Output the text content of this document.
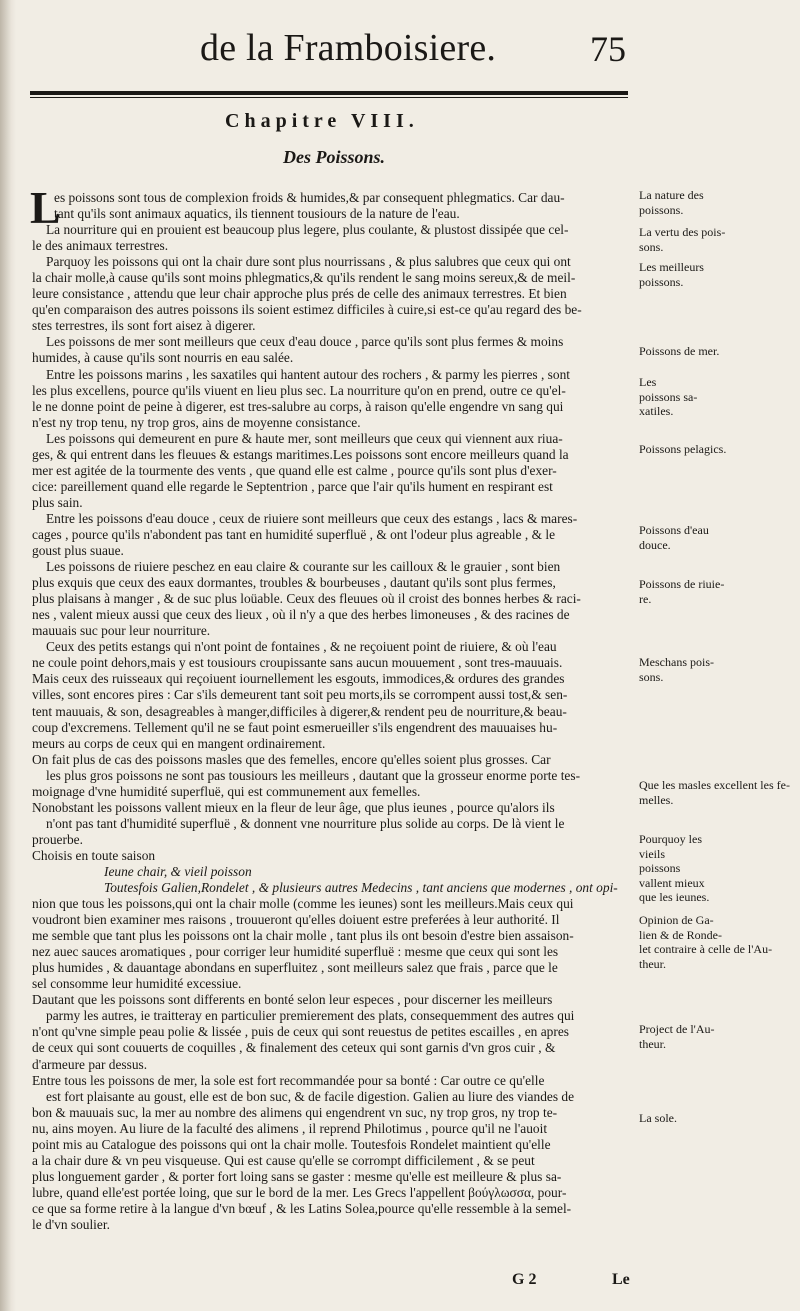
de la Framboisiere.	75
Chapitre VIII.
Des Poissons.
L
es poissons sont tous de complexion froids & humides,& par consequent phlegmatics. Car dau-
tant qu'ils sont animaux aquatics, ils tiennent tousiours de la nature de l'eau.
La nourriture qui en prouient est beaucoup plus legere, plus coulante, & plustost dissipée que cel-
le des animaux terrestres.
Parquoy les poissons qui ont la chair dure sont plus nourrissans , & plus salubres que ceux qui ont
la chair molle,à cause qu'ils sont moins phlegmatics,& qu'ils rendent le sang moins sereux,& de meil-
leure consistance , attendu que leur chair approche plus prés de celle des animaux terrestres. Et bien
qu'en comparaison des autres poissons ils soient estimez difficiles à cuire,si est-ce qu'au regard des be-
stes terrestres, ils sont fort aisez à digerer.
Les poissons de mer sont meilleurs que ceux d'eau douce , parce qu'ils sont plus fermes & moins
humides, à cause qu'ils sont nourris en eau salée.
Entre les poissons marins , les saxatiles qui hantent autour des rochers , & parmy les pierres , sont
les plus excellens, pource qu'ils viuent en lieu plus sec. La nourriture qu'on en prend, outre ce qu'el-
le ne donne point de peine à digerer, est tres-salubre au corps, à raison qu'elle engendre vn sang qui
n'est ny trop tenu, ny trop gros, ains de moyenne consistance.
Les poissons qui demeurent en pure & haute mer, sont meilleurs que ceux qui viennent aux riua-
ges, & qui entrent dans les fleuues & estangs maritimes.Les poissons sont encore meilleurs quand la
mer est agitée de la tourmente des vents , que quand elle est calme , pource qu'ils sont plus d'exer-
cice: pareillement quand elle regarde le Septentrion , parce que l'air qu'ils hument en respirant est
plus sain.
Entre les poissons d'eau douce , ceux de riuiere sont meilleurs que ceux des estangs , lacs & mares-
cages , pource qu'ils n'abondent pas tant en humidité superfluë , & ont l'odeur plus agreable , & le
goust plus suaue.
Les poissons de riuiere peschez en eau claire & courante sur les cailloux & le grauier , sont bien
plus exquis que ceux des eaux dormantes, troubles & bourbeuses , dautant qu'ils sont plus fermes,
plus plaisans à manger , & de suc plus loüable. Ceux des fleuues où il croist des bonnes herbes & raci-
nes , valent mieux aussi que ceux des lieux , où il n'y a que des herbes limoneuses , & des racines de
mauuais suc pour leur nourriture.
Ceux des petits estangs qui n'ont point de fontaines , & ne reçoiuent point de riuiere, & où l'eau
ne coule point dehors,mais y est tousiours croupissante sans aucun mouuement , sont tres-mauuais.
Mais ceux des ruisseaux qui reçoiuent iournellement les esgouts, immodices,& ordures des grandes
villes, sont encores pires : Car s'ils demeurent tant soit peu morts,ils se corrompent aussi tost,& sen-
tent mauuais, & son, desagreables à manger,difficiles à digerer,& rendent peu de nourriture,& beau-
coup d'excremens. Tellement qu'il ne se faut point esmerueiller s'ils engendrent des mauuaises hu-
meurs au corps de ceux qui en mangent ordinairement.
On fait plus de cas des poissons masles que des femelles, encore qu'elles soient plus grosses. Car
les plus gros poissons ne sont pas tousiours les meilleurs , dautant que la grosseur enorme porte tes-
moignage d'vne humidité superfluë, qui est communement aux femelles.
Nonobstant les poissons vallent mieux en la fleur de leur âge, que plus ieunes , pource qu'alors ils
n'ont pas tant d'humidité superfluë , & donnent vne nourriture plus solide au corps. De là vient le
prouerbe.
Choisis en toute saison
Ieune chair, & vieil poisson
Toutesfois Galien,Rondelet , & plusieurs autres Medecins , tant anciens que modernes , ont opi-
nion que tous les poissons,qui ont la chair molle (comme les ieunes) sont les meilleurs.Mais ceux qui
voudront bien examiner mes raisons , trouueront qu'elles doiuent estre preferées à leur authorité. Il
me semble que tant plus les poissons ont la chair molle , tant plus ils ont besoin d'estre bien assaison-
nez auec sauces aromatiques , pour corriger leur humidité superfluë : mesme que ceux qui sont les
plus humides , & dauantage abondans en superfluitez , sont meilleurs salez que frais , parce que le
sel consomme leur humidité excessiue.
Dautant que les poissons sont differents en bonté selon leur especes , pour discerner les meilleurs
parmy les autres, ie traitteray en particulier premierement des plats, consequemment des autres qui
n'ont qu'vne simple peau polie & lissée , puis de ceux qui sont reuestus de petites escailles , en apres
de ceux qui sont couuerts de coquilles , & finalement des ceteux qui sont garnis d'vn gros cuir , &
d'armeure par dessus.
Entre tous les poissons de mer, la sole est fort recommandée pour sa bonté : Car outre ce qu'elle
est fort plaisante au goust, elle est de bon suc, & de facile digestion. Galien au liure des viandes de
bon & mauuais suc, la mer au nombre des alimens qui engendrent vn suc, ny trop gros, ny trop te-
nu, ains moyen. Au liure de la faculté des alimens , il reprend Philotimus , pource qu'il ne l'auoit
point mis au Catalogue des poissons qui ont la chair molle. Toutesfois Rondelet maintient qu'elle
a la chair dure & vn peu visqueuse. Qui est cause qu'elle se corrompt difficilement , & se peut
plus longuement garder , & porter fort loing sans se gaster : mesme qu'elle est meilleure & plus sa-
lubre, quand elle'est portée loing, que sur le bord de la mer. Les Grecs l'appellent βούγλωσσα, pour-
ce que sa forme retire à la langue d'vn bœuf , & les Latins Solea,pource qu'elle ressemble à la semel-
le d'vn soulier.
La nature des
poissons.
La vertu des pois-
sons.
Les meilleurs
poissons.
Poissons de mer.
Les
poissons sa-
xatiles.
Poissons pelagics.
Poissons d'eau
douce.
Poissons de riuie-
re.
Meschans pois-
sons.
Que les masles excellent les fe-
melles.
Pourquoy les
vieils
poissons
vallent mieux
que les ieunes.
Opinion de Ga-
lien & de Ronde-
let contraire à celle de l'Au-
theur.
Project de l'Au-
theur.
La sole.
G 2	Le
